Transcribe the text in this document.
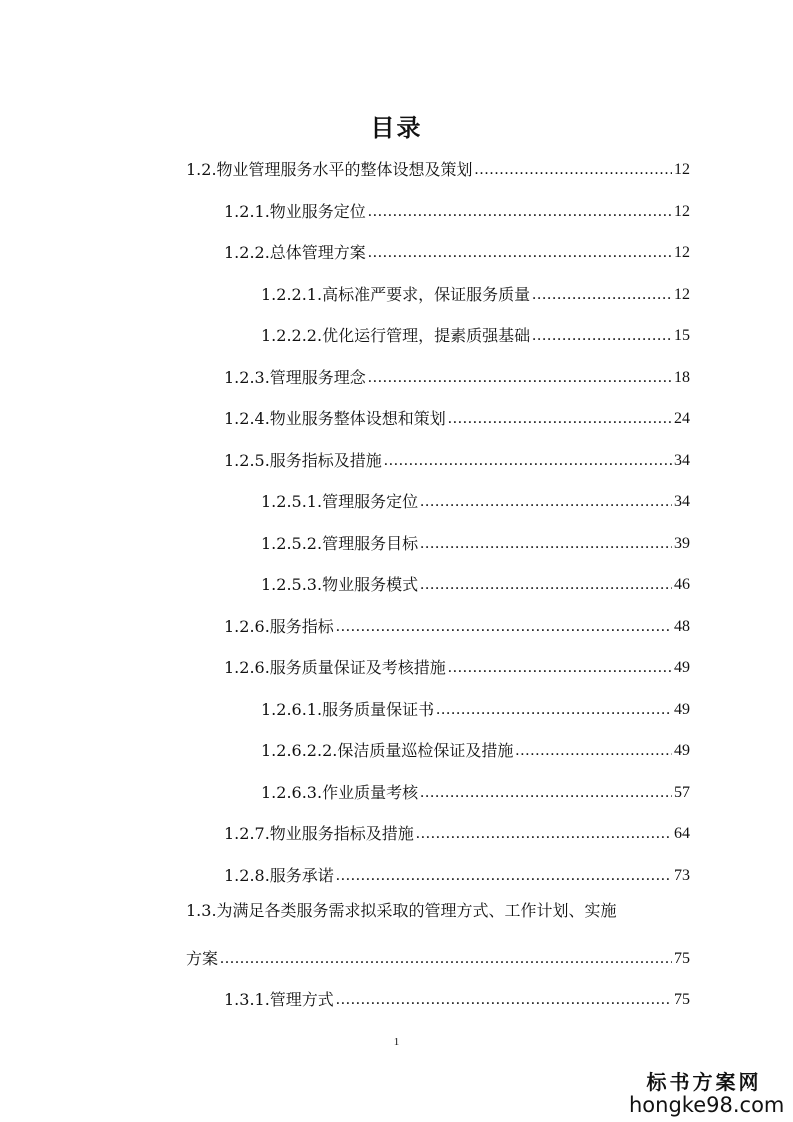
目录
1.2.物业管理服务水平的整体设想及策划 .....	12
1.2.1.物业服务定位 .....	12
1.2.2.总体管理方案 .....	12
1.2.2.1.高标准严要求，保证服务质量 .....	12
1.2.2.2.优化运行管理，提素质强基础 .....	15
1.2.3.管理服务理念 .....	18
1.2.4.物业服务整体设想和策划 .....	24
1.2.5.服务指标及措施 .....	34
1.2.5.1.管理服务定位 .....	34
1.2.5.2.管理服务目标 .....	39
1.2.5.3.物业服务模式 .....	46
1.2.6.服务指标 .....	48
1.2.6.服务质量保证及考核措施 .....	49
1.2.6.1.服务质量保证书 .....	49
1.2.6.2.2.保洁质量巡检保证及措施 .....	49
1.2.6.3.作业质量考核 .....	57
1.2.7.物业服务指标及措施 .....	64
1.2.8.服务承诺 .....	73
1.3.为满足各类服务需求拟采取的管理方式、工作计划、实施
方案 .....	75
1.3.1.管理方式 .....	75
1
标书方案网
hongke98.com
